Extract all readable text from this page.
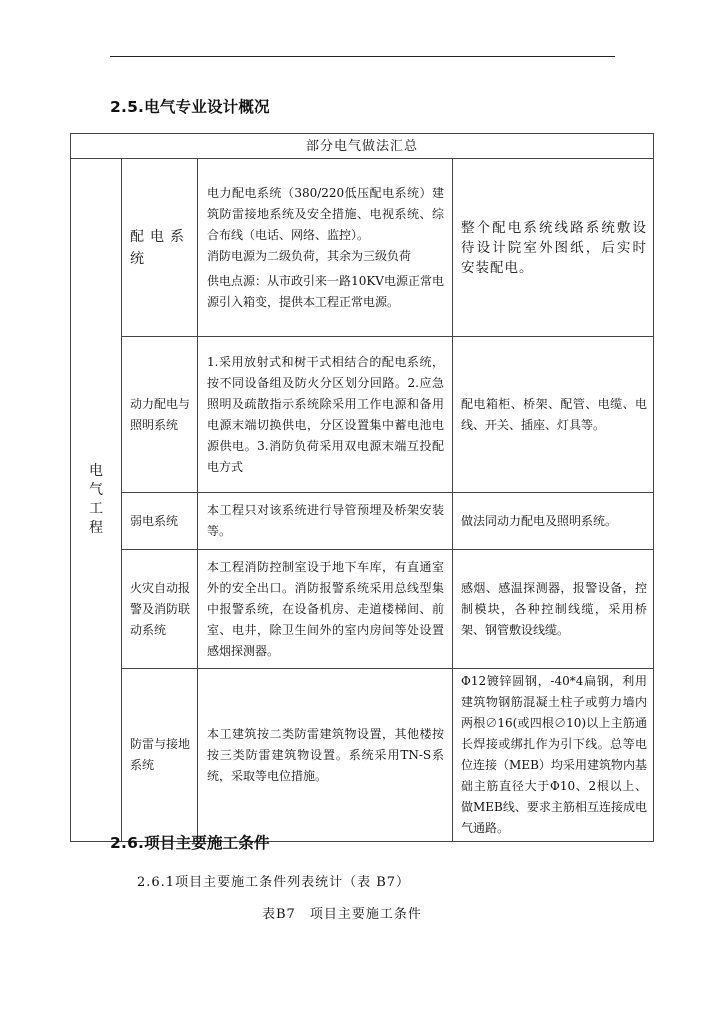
2.5.电气专业设计概况
部分电气做法汇总			
电气工程	配电系统	电力配电系统（380/220低压配电系统）建筑防雷接地系统及安全措施、电视系统、综合布线（电话、网络、监控）。

消防电源为二级负荷，其余为三级负荷

供电点源：从市政引来一路10KV电源正常电源引入箱变，提供本工程正常电源。	整个配电系统线路系统敷设待设计院室外图纸，后实时安装配电。
	动力配电与照明系统	1.采用放射式和树干式相结合的配电系统，按不同设备组及防火分区划分回路。2.应急照明及疏散指示系统除采用工作电源和备用电源末端切换供电，分区设置集中蓄电池电源供电。3.消防负荷采用双电源末端互投配电方式	配电箱柜、桥架、配管、电缆、电线、开关、插座、灯具等。
	弱电系统	本工程只对该系统进行导管预埋及桥架安装等。	做法同动力配电及照明系统。
	火灾自动报警及消防联动系统	本工程消防控制室设于地下车库，有直通室外的安全出口。消防报警系统采用总线型集中报警系统，在设备机房、走道楼梯间、前室、电井，除卫生间外的室内房间等处设置感烟探测器。	感烟、感温探测器，报警设备，控制模块，各种控制线缆，采用桥架、钢管敷设线缆。
	防雷与接地系统	本工建筑按二类防雷建筑物设置，其他楼按按三类防雷建筑物设置。系统采用TN-S系统，采取等电位措施。	Φ12镀锌圆钢，-40*4扁钢，利用建筑物钢筋混凝土柱子或剪力墙内两根∅16(或四根∅10)以上主筋通长焊接或绑扎作为引下线。总等电位连接（MEB）均采用建筑物内基础主筋直径大于Φ10、2根以上、做MEB线、要求主筋相互连接成电气通路。
2.6.项目主要施工条件
2.6.1项目主要施工条件列表统计（表 B7）
表B7 项目主要施工条件
